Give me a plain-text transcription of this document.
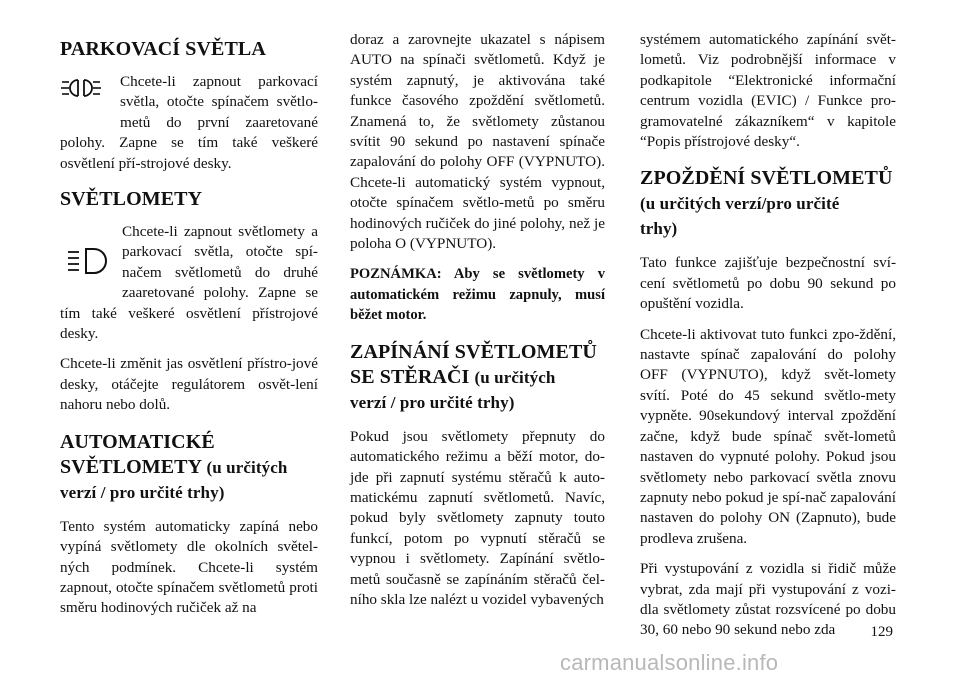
PARKOVACÍ SVĚTLA
Chcete-li zapnout parkovací světla, otočte spínačem světlo-metů do první zaaretované polohy. Zapne se tím také veškeré osvětlení pří-strojové desky.
SVĚTLOMETY
Chcete-li zapnout světlomety a parkovací světla, otočte spí-načem světlometů do druhé zaaretované polohy. Zapne se tím také veškeré osvětlení přístrojové desky.
Chcete-li změnit jas osvětlení přístro-jové desky, otáčejte regulátorem osvět-lení nahoru nebo dolů.
AUTOMATICKÉ
SVĚTLOMETY (u určitých
verzí / pro určité trhy)
Tento systém automaticky zapíná nebo vypíná světlomety dle okolních světel-ných podmínek. Chcete-li systém zapnout, otočte spínačem světlometů proti směru hodinových ručiček až na
doraz a zarovnejte ukazatel s nápisem AUTO na spínači světlometů. Když je systém zapnutý, je aktivována také funkce časového zpoždění světlometů. Znamená to, že světlomety zůstanou svítit 90 sekund po nastavení spínače zapalování do polohy OFF (VYPNUTO). Chcete-li automatický systém vypnout, otočte spínačem světlo-metů po směru hodinových ručiček do jiné polohy, než je poloha O (VYPNUTO).
POZNÁMKA: Aby se světlomety v automatickém režimu zapnuly, musí běžet motor.
ZAPÍNÁNÍ SVĚTLOMETŮ
SE STĚRAČI (u určitých
verzí / pro určité trhy)
Pokud jsou světlomety přepnuty do automatického režimu a běží motor, do-jde při zapnutí systému stěračů k auto-matickému zapnutí světlometů. Navíc, pokud byly světlomety zapnuty touto funkcí, potom po vypnutí stěračů se vypnou i světlomety. Zapínání světlo-metů současně se zapínáním stěračů čel-ního skla lze nalézt u vozidel vybavených
systémem automatického zapínání svět-lometů. Viz podrobnější informace v podkapitole “Elektronické informační centrum vozidla (EVIC) / Funkce pro-gramovatelné zákazníkem“ v kapitole “Popis přístrojové desky“.
ZPOŽDĚNÍ SVĚTLOMETŮ
(u určitých verzí/pro určité
trhy)
Tato funkce zajišťuje bezpečnostní sví-cení světlometů po dobu 90 sekund po opuštění vozidla.
Chcete-li aktivovat tuto funkci zpo-ždění, nastavte spínač zapalování do polohy OFF (VYPNUTO), když svět-lomety svítí. Poté do 45 sekund světlo-mety vypněte. 90sekundový interval zpoždění začne, když bude spínač svět-lometů nastaven do vypnuté polohy. Pokud jsou světlomety nebo parkovací světla znovu zapnuty nebo pokud je spí-nač zapalování nastaven do polohy ON (Zapnuto), bude prodleva zrušena.
Při vystupování z vozidla si řidič může vybrat, zda mají při vystupování z vozi-dla světlomety zůstat rozsvícené po dobu 30, 60 nebo 90 sekund nebo zda	129
carmanualsonline.info
